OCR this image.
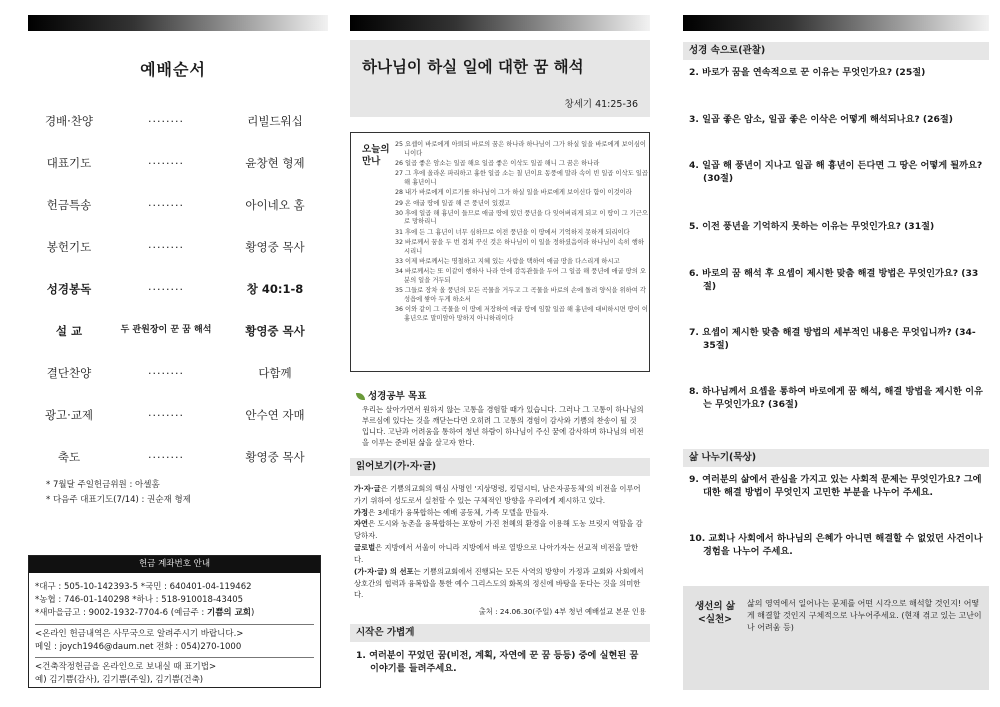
예배순서
경배·찬양	········	리빌드워십
대표기도	········	윤창현 형제
헌금특송	········	아이네오 홈
봉헌기도	········	황영중 목사
성경봉독	········	창 40:1-8
설 교	두 관원장이 꾼 꿈 해석	황영중 목사
결단찬양	········	다함께
광고·교제	········	안수연 자매
축도	········	황영중 목사
* 7월달 주일헌금위원 : 아셀홈
* 다음주 대표기도(7/14) : 권순재 형제
헌금 계좌번호 안내
*대구 : 505-10-142393-5 *국민 : 640401-04-119462
*농협 : 746-01-140298 *하나 : 518-910018-43405
*새마을금고 : 9002-1932-7704-6 (예금주 : 기쁨의 교회)
<온라인 헌금내역은 사무국으로 알려주시기 바랍니다.>
메일 : joych1946@daum.net 전화 : 054)270-1000
<건축작정헌금을 온라인으로 보내실 때 표기법>
예) 김기쁨(감사), 김기쁨(주일), 김기쁨(건축)
하나님이 하실 일에 대한 꿈 해석
창세기 41:25-36
오늘의 만나
25 요셉이 바로에게 아뢰되 바로의 꿈은 하나라 하나님이 그가 하실 일을 바로에게 보이심이니이다
26 일곱 좋은 암소는 일곱 해요 일곱 좋은 이삭도 일곱 해니 그 꿈은 하나라
27 그 후에 올라온 파리하고 흉한 일곱 소는 칠 년이요 동풍에 말라 속이 빈 일곱 이삭도 일곱 해 흉년이니
28 내가 바로에게 이르기를 하나님이 그가 하실 일을 바로에게 보이신다 함이 이것이라
29 온 애굽 땅에 일곱 해 큰 풍년이 있겠고
30 후에 일곱 해 흉년이 들므로 애굽 땅에 있던 풍년을 다 잊어버리게 되고 이 땅이 그 기근으로 망하리니
31 후에 든 그 흉년이 너무 심하므로 이전 풍년을 이 땅에서 기억하지 못하게 되리이다
32 바로께서 꿈을 두 번 겹쳐 꾸신 것은 하나님이 이 일을 정하셨음이라 하나님이 속히 행하시리니
33 이제 바로께서는 명철하고 지혜 있는 사람을 택하여 애굽 땅을 다스리게 하시고
34 바로께서는 또 이같이 행하사 나라 안에 감독관들을 두어 그 일곱 해 풍년에 애굽 땅의 오분의 일을 거두되
35 그들로 장차 올 풍년의 모든 곡물을 거두고 그 곡물을 바로의 손에 돌려 양식을 위하여 각 성읍에 쌓아 두게 하소서
36 이와 같이 그 곡물을 이 땅에 저장하여 애굽 땅에 임할 일곱 해 흉년에 대비하시면 땅이 이 흉년으로 말미암아 망하지 아니하리이다
성경공부 목표
우리는 살아가면서 원하지 않는 고통을 경험할 때가 있습니다. 그러나 그 고통이 하나님의 부르심에 있다는 것을 깨닫는다면 오히려 그 고통의 경험이 감사와 기쁨의 찬송이 될 것 입니다. 고난과 어려움을 통하여 청년 하람이 하나님이 주신 꿈에 감사하며 하나님의 비전을 이루는 준비된 삶을 살고자 한다.
읽어보기(가·자·글)
가·자·글은 기쁨의교회의 핵심 사명인 '지상명령, 킹덤시티, 남은자공동체'의 비전을 이루어 가기 위하여 성도로서 실천할 수 있는 구체적인 방향을 우리에게 제시하고 있다.
가정은 3세대가 융복합하는 예배 공동체, 가족 모델을 만들자.
자연은 도시와 농촌을 융복합하는 포항이 가진 천혜의 환경을 이용해 도농 브릿지 역할을 감당하자.
글로벌은 지방에서 서울이 아니라 지방에서 바로 열방으로 나아가자는 선교적 비전을 말한다.
(가·자·글) 의 선포는 기쁨의교회에서 진행되는 모든 사역의 방향이 가정과 교회와 사회에서 상호간의 협력과 융복합을 통한 예수 그리스도의 화목의 정신에 바탕을 둔다는 것을 의미한다.
출처 : 24.06.30(주일) 4부 청년 예배설교 본문 인용
시작은 가볍게
1. 여러분이 꾸었던 꿈(비전, 계획, 자연에 꾼 꿈 등등) 중에 실현된 꿈 이야기를 들려주세요.
성경 속으로(관찰)
2. 바로가 꿈을 연속적으로 꾼 이유는 무엇인가요? (25절)
3. 일곱 좋은 암소, 일곱 좋은 이삭은 어떻게 해석되나요? (26절)
4. 일곱 해 풍년이 지나고 일곱 해 흉년이 든다면 그 땅은 어떻게 될까요? (30절)
5. 이전 풍년을 기억하지 못하는 이유는 무엇인가요? (31절)
6. 바로의 꿈 해석 후 요셉이 제시한 맞춤 해결 방법은 무엇인가요? (33절)
7. 요셉이 제시한 맞춤 해결 방법의 세부적인 내용은 무엇입니까? (34-35절)
8. 하나님께서 요셉을 통하여 바로에게 꿈 해석, 해결 방법을 제시한 이유는 무엇인가요? (36절)
삶 나누기(묵상)
9. 여러분의 삶에서 관심을 가지고 있는 사회적 문제는 무엇인가요? 그에 대한 해결 방법이 무엇인지 고민한 부분을 나누어 주세요.
10. 교회나 사회에서 하나님의 은혜가 아니면 해결할 수 없었던 사건이나 경험을 나누어 주세요.
생선의 삶
<실천>
삶의 영역에서 일어나는 문제를 어떤 시각으로 해석할 것인지! 어떻게 해결할 것인지 구체적으로 나누어주세요. (현재 겪고 있는 고난이나 어려움 등)
